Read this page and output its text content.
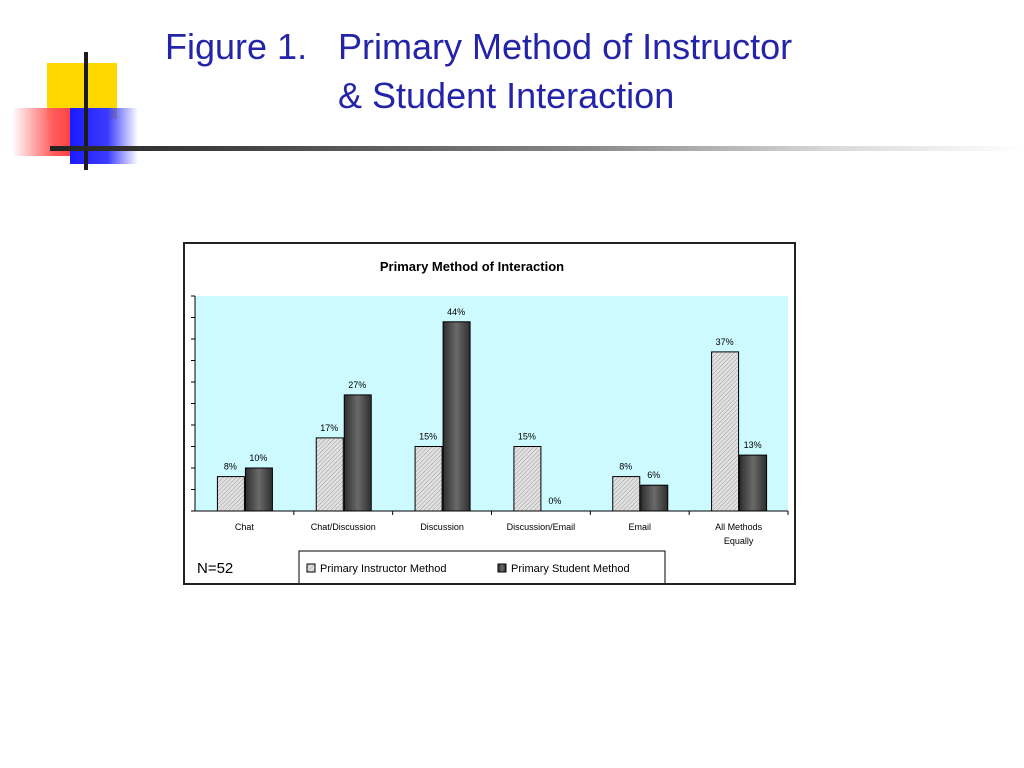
Figure 1. Primary Method of Instructor
& Student Interaction
Primary Method of Interaction
8%
10%
Chat
17%
27%
Chat/Discussion
15%
44%
Discussion
15%
0%
Discussion/Email
8%
6%
Email
37%
13%
All Methods
Equally
N=52	Primary Instructor Method	Primary Student Method
